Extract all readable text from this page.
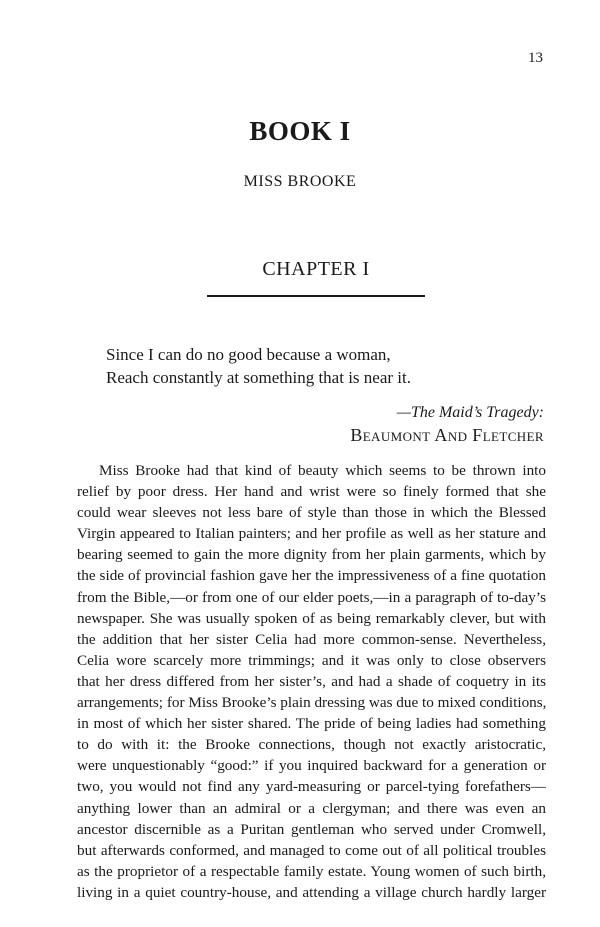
13
BOOK I
MISS BROOKE
CHAPTER I
Since I can do no good because a woman,
Reach constantly at something that is near it.
—The Maid’s Tragedy:
Beaumont And Fletcher
Miss Brooke had that kind of beauty which seems to be thrown into
relief by poor dress. Her hand and wrist were so finely formed that she
could wear sleeves not less bare of style than those in which the Blessed
Virgin appeared to Italian painters; and her profile as well as her stature and
bearing seemed to gain the more dignity from her plain garments, which by
the side of provincial fashion gave her the impressiveness of a fine quotation
from the Bible,—or from one of our elder poets,—in a paragraph of to-day’s
newspaper. She was usually spoken of as being remarkably clever, but with
the addition that her sister Celia had more common-sense. Nevertheless,
Celia wore scarcely more trimmings; and it was only to close observers
that her dress differed from her sister’s, and had a shade of coquetry in its
arrangements; for Miss Brooke’s plain dressing was due to mixed conditions,
in most of which her sister shared. The pride of being ladies had something
to do with it: the Brooke connections, though not exactly aristocratic,
were unquestionably “good:” if you inquired backward for a generation or
two, you would not find any yard-measuring or parcel-tying forefathers—
anything lower than an admiral or a clergyman; and there was even an
ancestor discernible as a Puritan gentleman who served under Cromwell,
but afterwards conformed, and managed to come out of all political troubles
as the proprietor of a respectable family estate. Young women of such birth,
living in a quiet country-house, and attending a village church hardly larger
